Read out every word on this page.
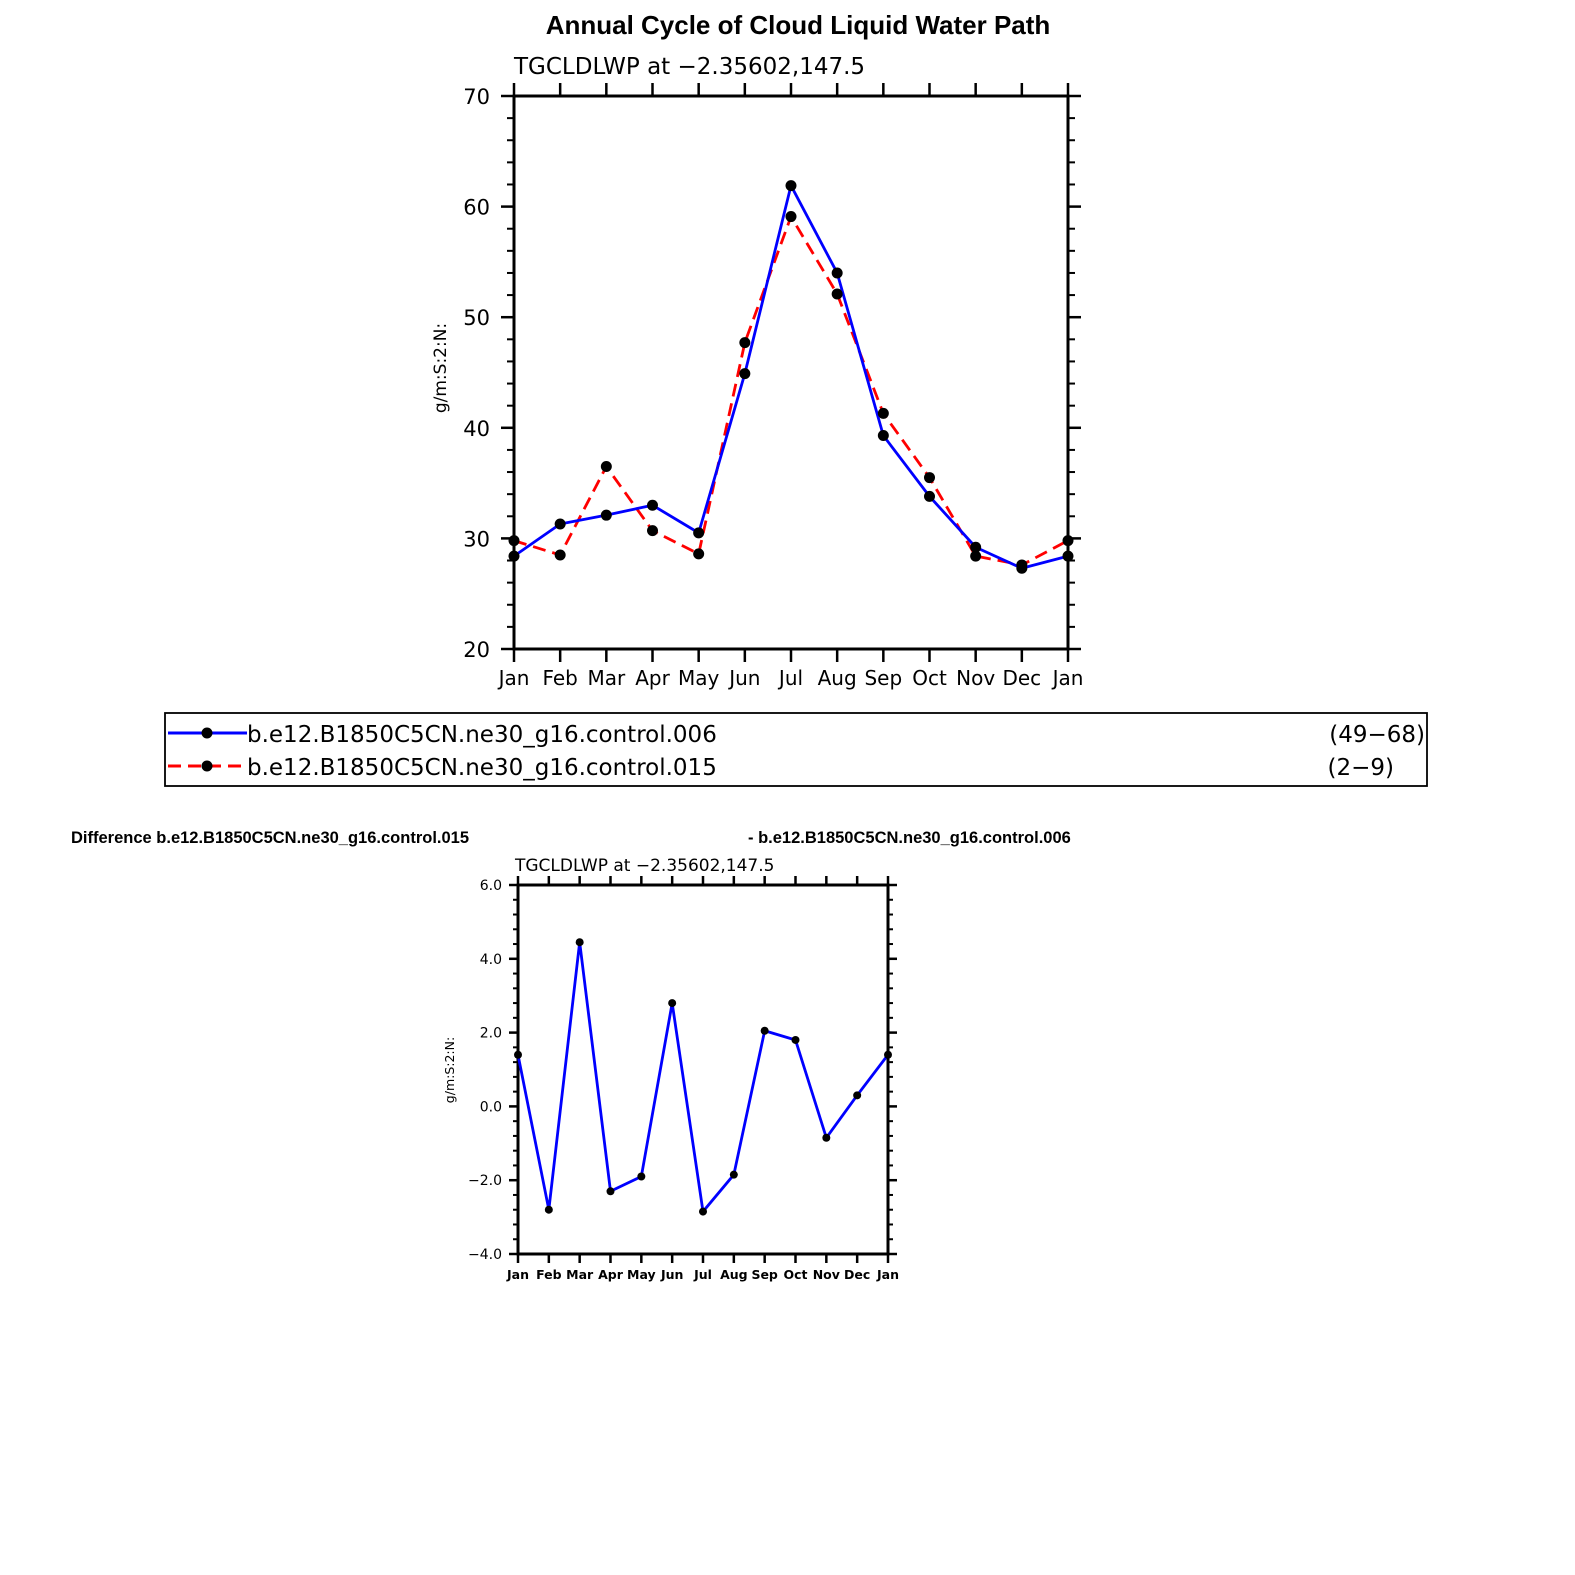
Annual Cycle of Cloud Liquid Water Path
TGCLDLWP at −2.35602,147.5
g/m:S:2:N:
Jan Feb Mar Apr May Jun Jul Aug Sep Oct Nov Dec Jan
20
30
40
50
60
70
b.e12.B1850C5CN.ne30_g16.control.006	(49−68)
b.e12.B1850C5CN.ne30_g16.control.015	(2−9)
Difference b.e12.B1850C5CN.ne30_g16.control.015	- b.e12.B1850C5CN.ne30_g16.control.006
TGCLDLWP at −2.35602,147.5
g/m:S:2:N:
Jan Feb Mar Apr May Jun Jul Aug Sep Oct Nov Dec Jan
−4.0
−2.0
0.0
2.0
4.0
6.0
